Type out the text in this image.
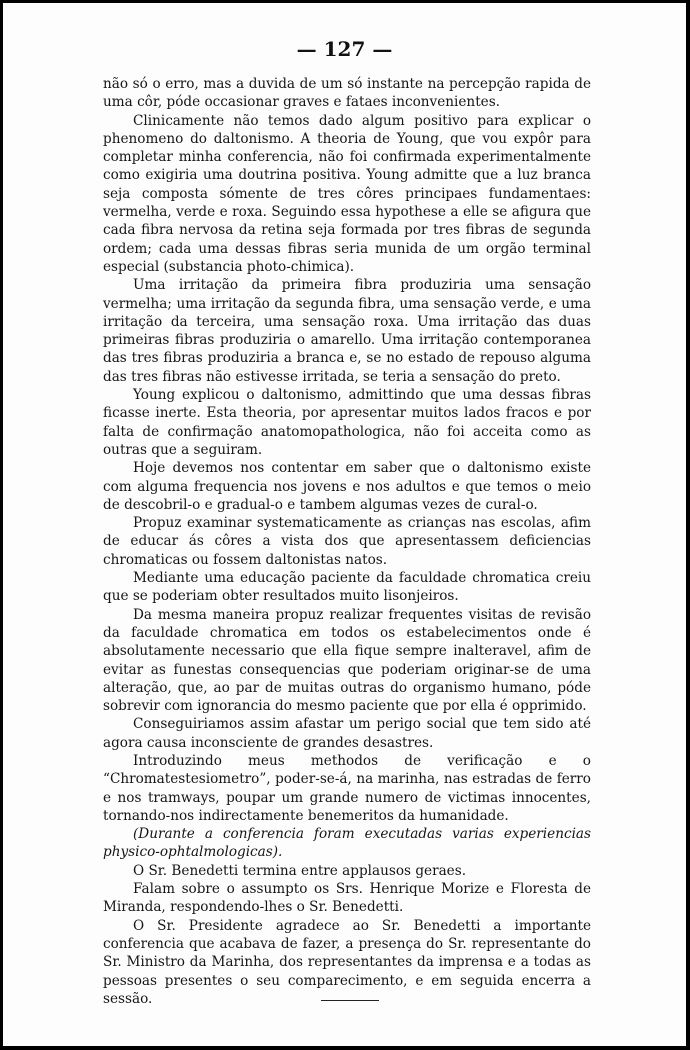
— 127 —

não só o erro, mas a duvida de um só instante na percepção rapida de uma côr, póde occasionar graves e fataes inconvenientes.

Clinicamente não temos dado algum positivo para explicar o phenomeno do daltonismo. A theoria de Young, que vou expôr para completar minha conferencia, não foi confirmada experimentalmente como exigiria uma doutrina positiva. Young admitte que a luz branca seja composta sómente de tres côres principaes fundamentaes: vermelha, verde e roxa. Seguindo essa hypothese a elle se afigura que cada fibra nervosa da retina seja formada por tres fibras de segunda ordem; cada uma dessas fibras seria munida de um orgão terminal especial (substancia photo-chimica).

Uma irritação da primeira fibra produziria uma sensação vermelha; uma irritação da segunda fibra, uma sensação verde, e uma irritação da terceira, uma sensação roxa. Uma irritação das duas primeiras fibras produziria o amarello. Uma irritação contemporanea das tres fibras produziria a branca e, se no estado de repouso alguma das tres fibras não estivesse irritada, se teria a sensação do preto.

Young explicou o daltonismo, admittindo que uma dessas fibras ficasse inerte. Esta theoria, por apresentar muitos lados fracos e por falta de confirmação anatomopathologica, não foi acceita como as outras que a seguiram.

Hoje devemos nos contentar em saber que o daltonismo existe com alguma frequencia nos jovens e nos adultos e que temos o meio de descobril-o e gradual-o e tambem algumas vezes de cural-o.

Propuz examinar systematicamente as crianças nas escolas, afim de educar ás côres a vista dos que apresentassem deficiencias chromaticas ou fossem daltonistas natos.

Mediante uma educação paciente da faculdade chromatica creiu que se poderiam obter resultados muito lisonjeiros.

Da mesma maneira propuz realizar frequentes visitas de revisão da faculdade chromatica em todos os estabelecimentos onde é absolutamente necessario que ella fique sempre inalteravel, afim de evitar as funestas consequencias que poderiam originar-se de uma alteração, que, ao par de muitas outras do organismo humano, póde sobrevir com ignorancia do mesmo paciente que por ella é opprimido.

Conseguiriamos assim afastar um perigo social que tem sido até agora causa inconsciente de grandes desastres.

Introduzindo meus methodos de verificação e o “Chromatestesiometro”, poder-se-á, na marinha, nas estradas de ferro e nos tramways, poupar um grande numero de victimas innocentes, tornando-nos indirectamente benemeritos da humanidade.

(Durante a conferencia foram executadas varias experiencias physico-ophtalmologicas).

O Sr. Benedetti termina entre applausos geraes.

Falam sobre o assumpto os Srs. Henrique Morize e Floresta de Miranda, respondendo-lhes o Sr. Benedetti.

O Sr. Presidente agradece ao Sr. Benedetti a importante conferencia que acabava de fazer, a presença do Sr. representante do Sr. Ministro da Marinha, dos representantes da imprensa e a todas as pessoas presentes o seu comparecimento, e em seguida encerra a sessão.
